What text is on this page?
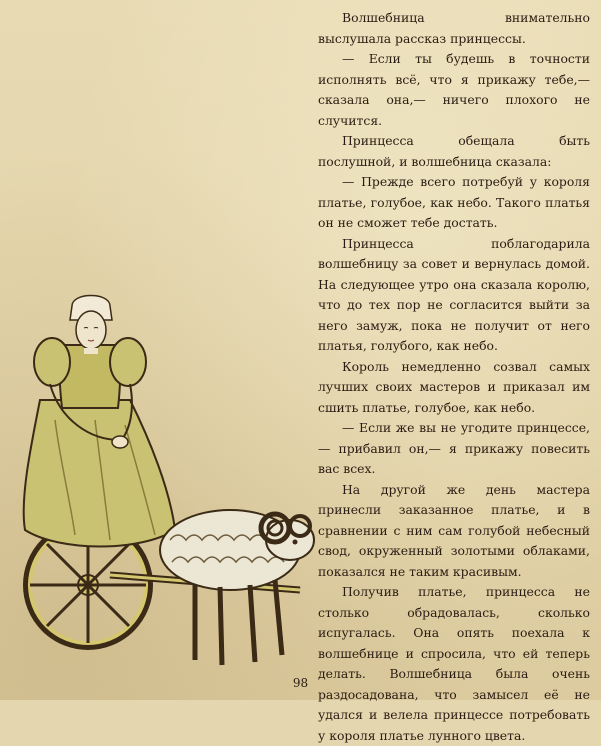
Волшебница внимательно выслушала рассказ принцессы.

— Если ты будешь в точности исполнять всё, что я прикажу тебе,— сказала она,— ничего плохого не случится.

Принцесса обещала быть послушной, и волшебница сказала:

— Прежде всего потребуй у короля платье, голубое, как небо. Такого платья он не сможет тебе достать.

Принцесса поблагодарила волшебницу за совет и вернулась домой. На следующее утро она сказала королю, что до тех пор не согласится выйти за него замуж, пока не получит от него платья, голубого, как небо.

Король немедленно созвал самых лучших своих мастеров и приказал им сшить платье, голубое, как небо.

— Если же вы не угодите принцессе,— прибавил он,— я прикажу повесить вас всех.

На другой же день мастера принесли заказанное платье, и в сравнении с ним сам голубой небесный свод, окруженный золотыми облаками, показался не таким красивым.

Получив платье, принцесса не столько обрадовалась, сколько испугалась. Она опять поехала к волшебнице и спросила, что ей теперь делать. Волшебница была очень раздосадована, что замысел её не удался и велела принцессе потребовать у короля платье лунного цвета.

98
